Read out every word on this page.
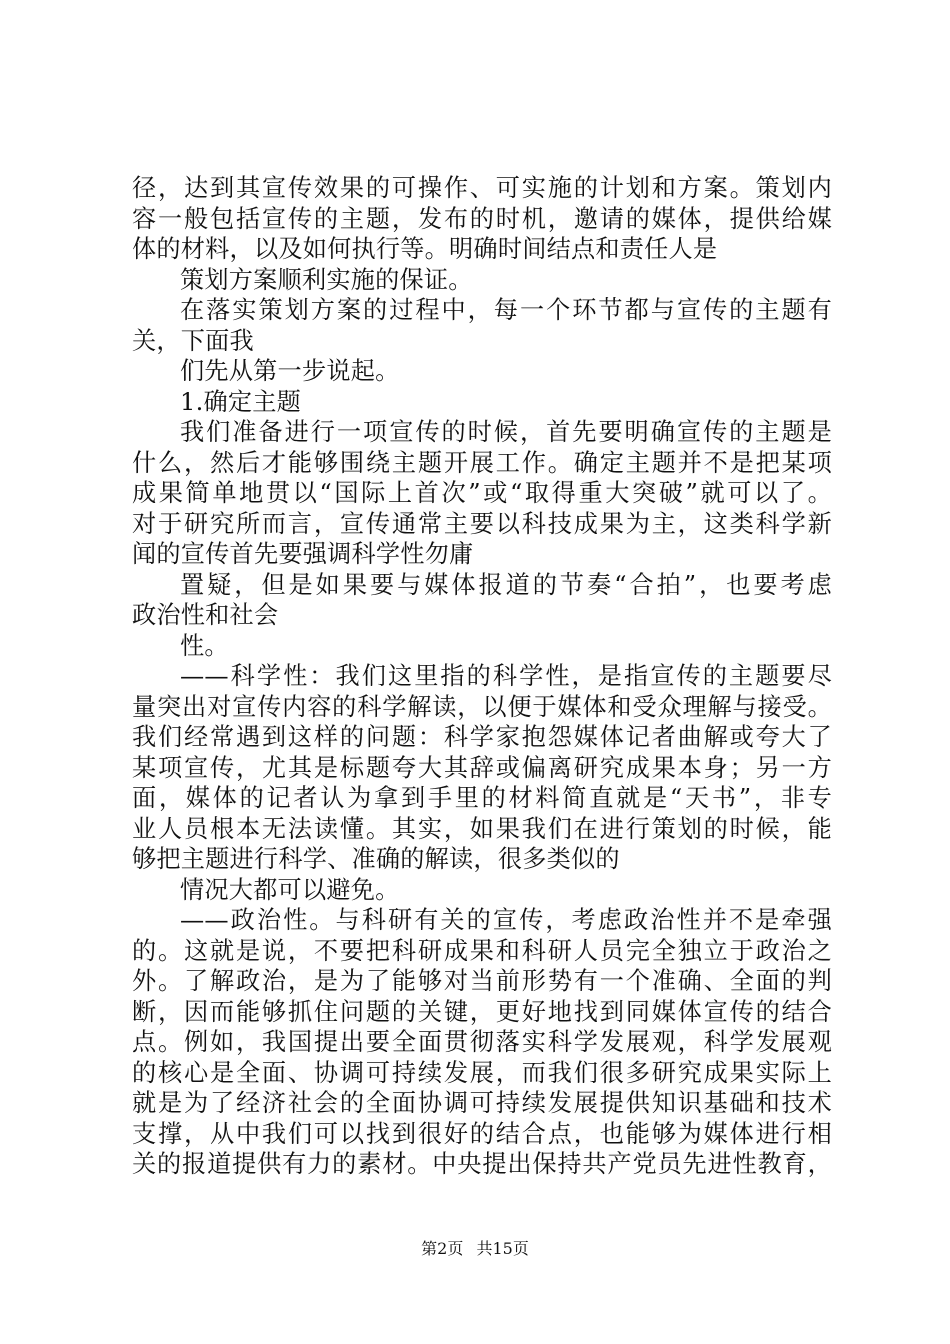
径，达到其宣传效果的可操作、可实施的计划和方案。策划内
容一般包括宣传的主题，发布的时机，邀请的媒体，提供给媒
体的材料，以及如何执行等。明确时间结点和责任人是
策划方案顺利实施的保证。
在落实策划方案的过程中，每一个环节都与宣传的主题有
关，下面我
们先从第一步说起。
1.确定主题
我们准备进行一项宣传的时候，首先要明确宣传的主题是
什么，然后才能够围绕主题开展工作。确定主题并不是把某项
成果简单地贯以“国际上首次”或“取得重大突破”就可以了。
对于研究所而言，宣传通常主要以科技成果为主，这类科学新
闻的宣传首先要强调科学性勿庸
置疑，但是如果要与媒体报道的节奏“合拍”，也要考虑
政治性和社会
性。
——科学性：我们这里指的科学性，是指宣传的主题要尽
量突出对宣传内容的科学解读，以便于媒体和受众理解与接受。
我们经常遇到这样的问题：科学家抱怨媒体记者曲解或夸大了
某项宣传，尤其是标题夸大其辞或偏离研究成果本身；另一方
面，媒体的记者认为拿到手里的材料简直就是“天书”，非专
业人员根本无法读懂。其实，如果我们在进行策划的时候，能
够把主题进行科学、准确的解读，很多类似的
情况大都可以避免。
——政治性。与科研有关的宣传，考虑政治性并不是牵强
的。这就是说，不要把科研成果和科研人员完全独立于政治之
外。了解政治，是为了能够对当前形势有一个准确、全面的判
断，因而能够抓住问题的关键，更好地找到同媒体宣传的结合
点。例如，我国提出要全面贯彻落实科学发展观，科学发展观
的核心是全面、协调可持续发展，而我们很多研究成果实际上
就是为了经济社会的全面协调可持续发展提供知识基础和技术
支撑，从中我们可以找到很好的结合点，也能够为媒体进行相
关的报道提供有力的素材。中央提出保持共产党员先进性教育，
第2页 共15页
